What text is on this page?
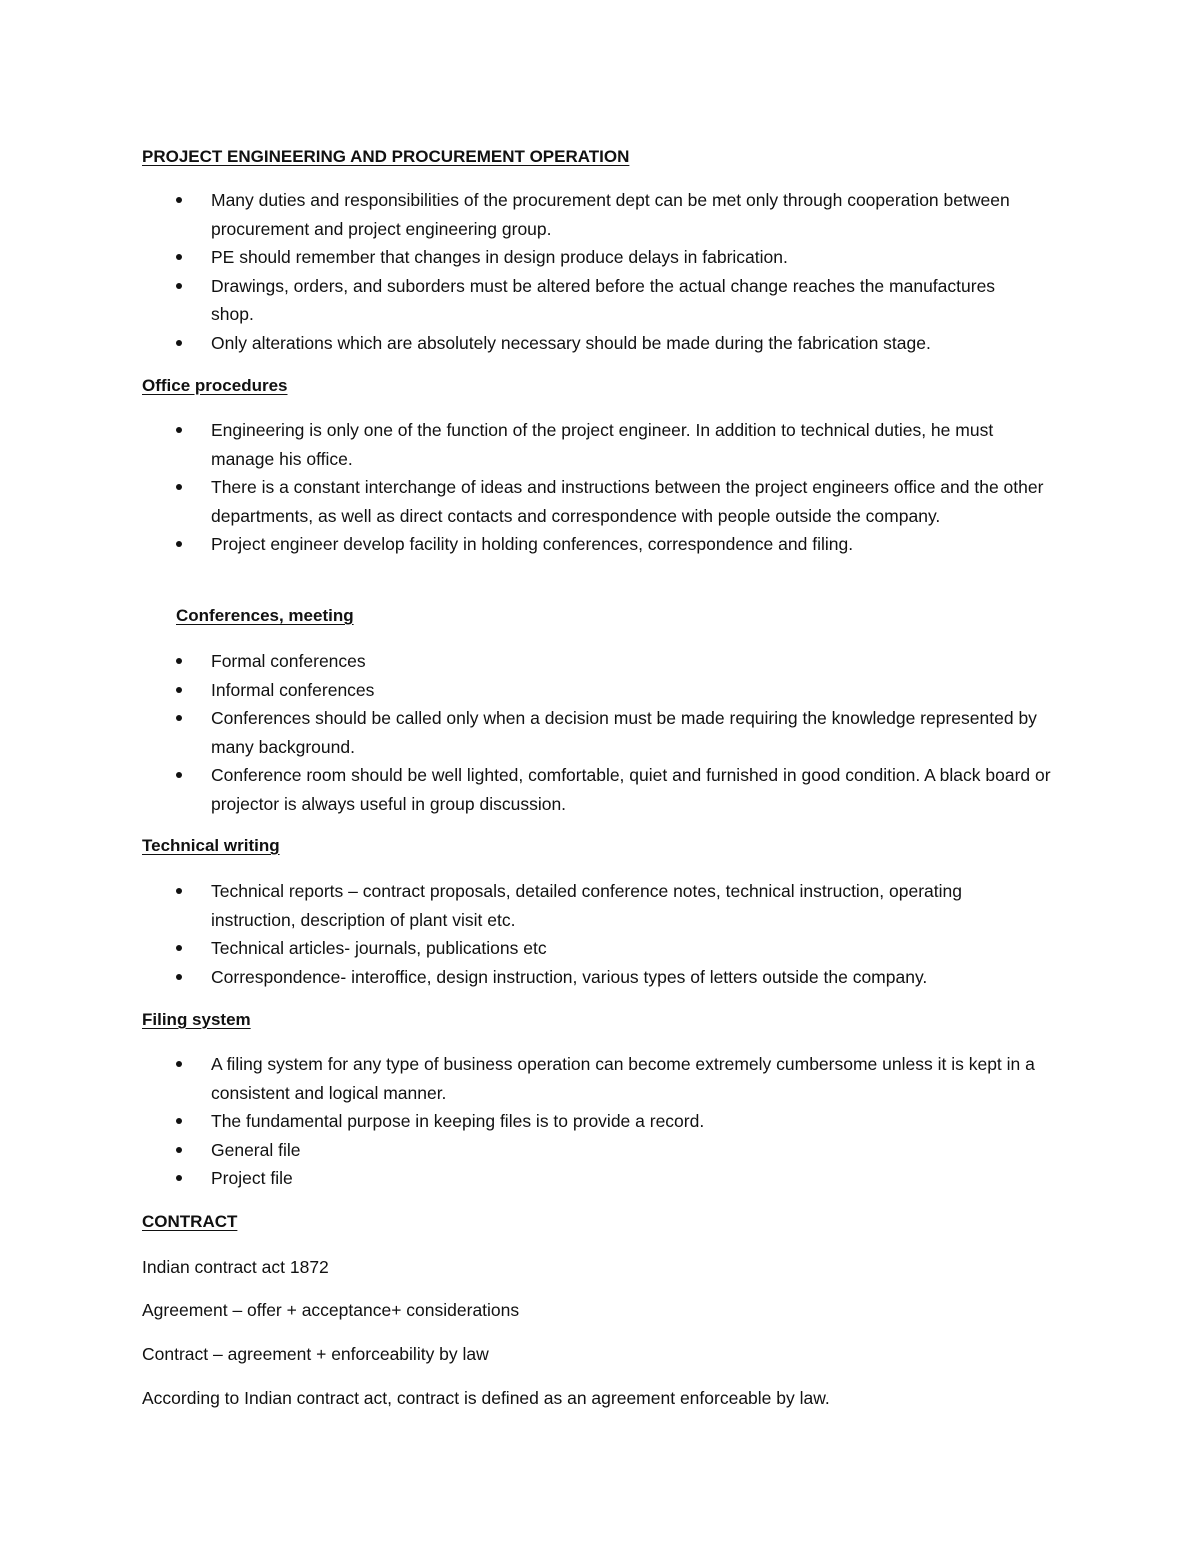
PROJECT ENGINEERING AND PROCUREMENT OPERATION
Many duties and responsibilities of the procurement dept can be met only through cooperation between procurement and project engineering group.
PE should remember that changes in design produce delays in fabrication.
Drawings, orders, and suborders must be altered before the actual change reaches the manufactures shop.
Only alterations which are absolutely necessary should be made during the fabrication stage.
Office procedures
Engineering is only one of the function of the project engineer. In addition to technical duties, he must manage his office.
There is a constant interchange of ideas and instructions between the project engineers office and the other departments, as well as direct contacts and correspondence with people outside the company.
Project engineer develop facility in holding conferences, correspondence and filing.
Conferences, meeting
Formal conferences
Informal conferences
Conferences should be called only when a decision must be made requiring the knowledge represented by many background.
Conference room should be well lighted, comfortable, quiet and furnished in good condition. A black board or projector is always useful in group discussion.
Technical writing
Technical reports – contract proposals, detailed conference notes, technical instruction, operating instruction, description of plant visit etc.
Technical articles- journals, publications etc
Correspondence- interoffice, design instruction, various types of letters outside the company.
Filing system
A filing system for any type of business operation can become extremely cumbersome unless it is kept in a consistent and logical manner.
The fundamental purpose in keeping files is to provide a record.
General file
Project file
CONTRACT
Indian contract act 1872
Agreement – offer + acceptance+ considerations
Contract – agreement + enforceability by law
According to Indian contract act, contract is defined as an agreement enforceable by law.
